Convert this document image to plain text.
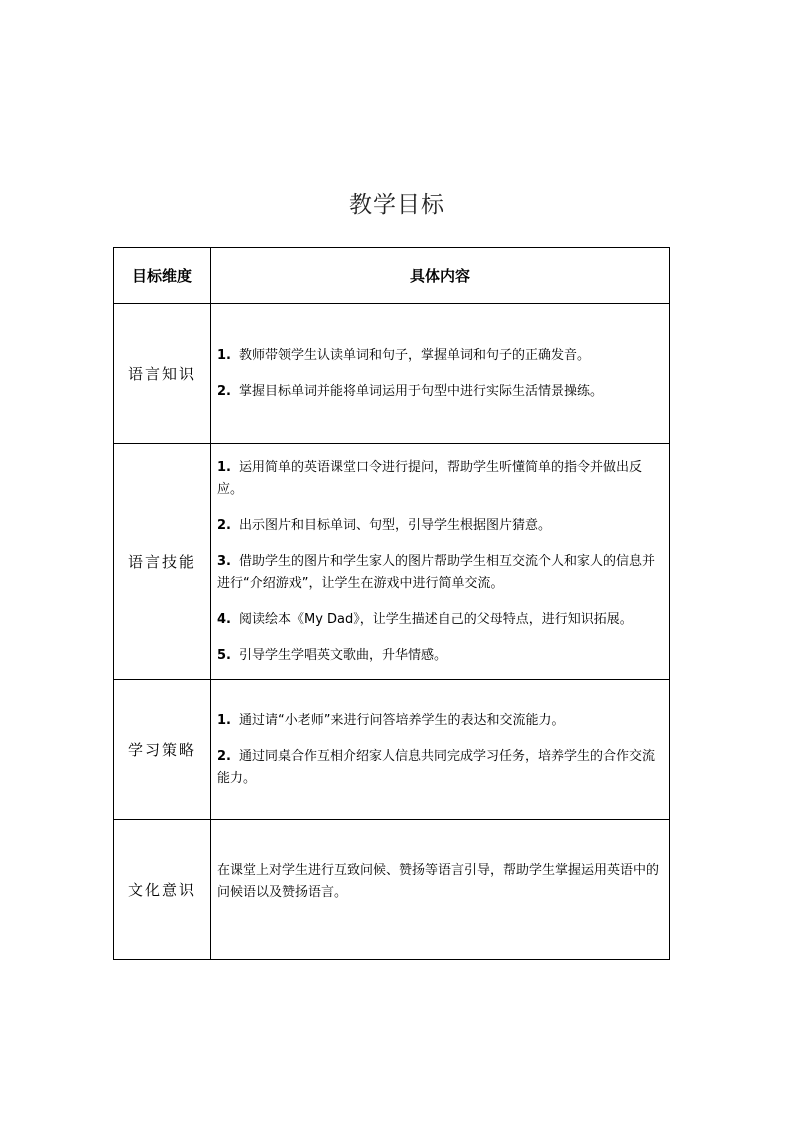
教学目标
目标维度	具体内容
语言知识	1. 教师带领学生认读单词和句子，掌握单词和句子的正确发音。

2. 掌握目标单词并能将单词运用于句型中进行实际生活情景操练。

语言技能	1. 运用简单的英语课堂口令进行提问，帮助学生听懂简单的指令并做出反应。

2. 出示图片和目标单词、句型，引导学生根据图片猜意。

3. 借助学生的图片和学生家人的图片帮助学生相互交流个人和家人的信息并进行“介绍游戏”，让学生在游戏中进行简单交流。

4. 阅读绘本《My Dad》，让学生描述自己的父母特点，进行知识拓展。

5. 引导学生学唱英文歌曲，升华情感。

学习策略	1. 通过请“小老师”来进行问答培养学生的表达和交流能力。

2. 通过同桌合作互相介绍家人信息共同完成学习任务，培养学生的合作交流能力。

文化意识	在课堂上对学生进行互致问候、赞扬等语言引导，帮助学生掌握运用英语中的问候语以及赞扬语言。
